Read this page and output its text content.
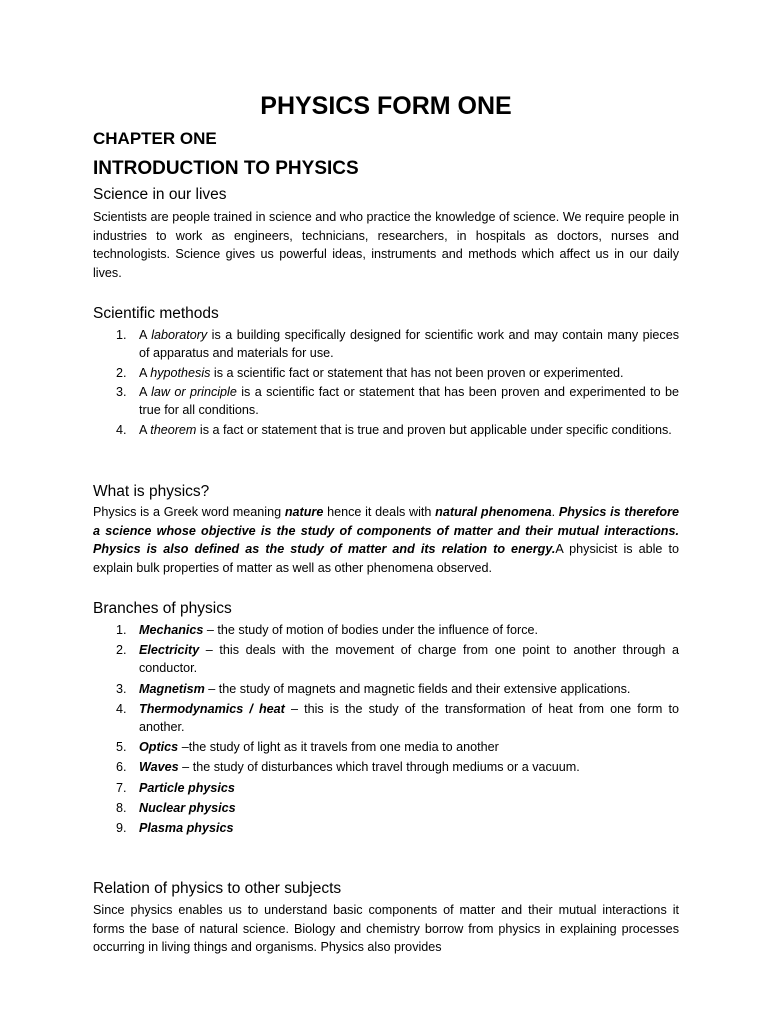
PHYSICS FORM ONE
CHAPTER ONE
INTRODUCTION TO PHYSICS
Science in our lives
Scientists are people trained in science and who practice the knowledge of science. We require people in industries to work as engineers, technicians, researchers, in hospitals as doctors, nurses and technologists. Science gives us powerful ideas, instruments and methods which affect us in our daily lives.
Scientific methods
1. A laboratory is a building specifically designed for scientific work and may contain many pieces of apparatus and materials for use.
2. A hypothesis is a scientific fact or statement that has not been proven or experimented.
3. A law or principle is a scientific fact or statement that has been proven and experimented to be true for all conditions.
4. A theorem is a fact or statement that is true and proven but applicable under specific conditions.
What is physics?
Physics is a Greek word meaning nature hence it deals with natural phenomena. Physics is therefore a science whose objective is the study of components of matter and their mutual interactions. Physics is also defined as the study of matter and its relation to energy.A physicist is able to explain bulk properties of matter as well as other phenomena observed.
Branches of physics
1. Mechanics – the study of motion of bodies under the influence of force.
2. Electricity – this deals with the movement of charge from one point to another through a conductor.
3. Magnetism – the study of magnets and magnetic fields and their extensive applications.
4. Thermodynamics / heat – this is the study of the transformation of heat from one form to another.
5. Optics –the study of light as it travels from one media to another
6. Waves – the study of disturbances which travel through mediums or a vacuum.
7. Particle physics
8. Nuclear physics
9. Plasma physics
Relation of physics to other subjects
Since physics enables us to understand basic components of matter and their mutual interactions it forms the base of natural science. Biology and chemistry borrow from physics in explaining processes occurring in living things and organisms. Physics also provides
